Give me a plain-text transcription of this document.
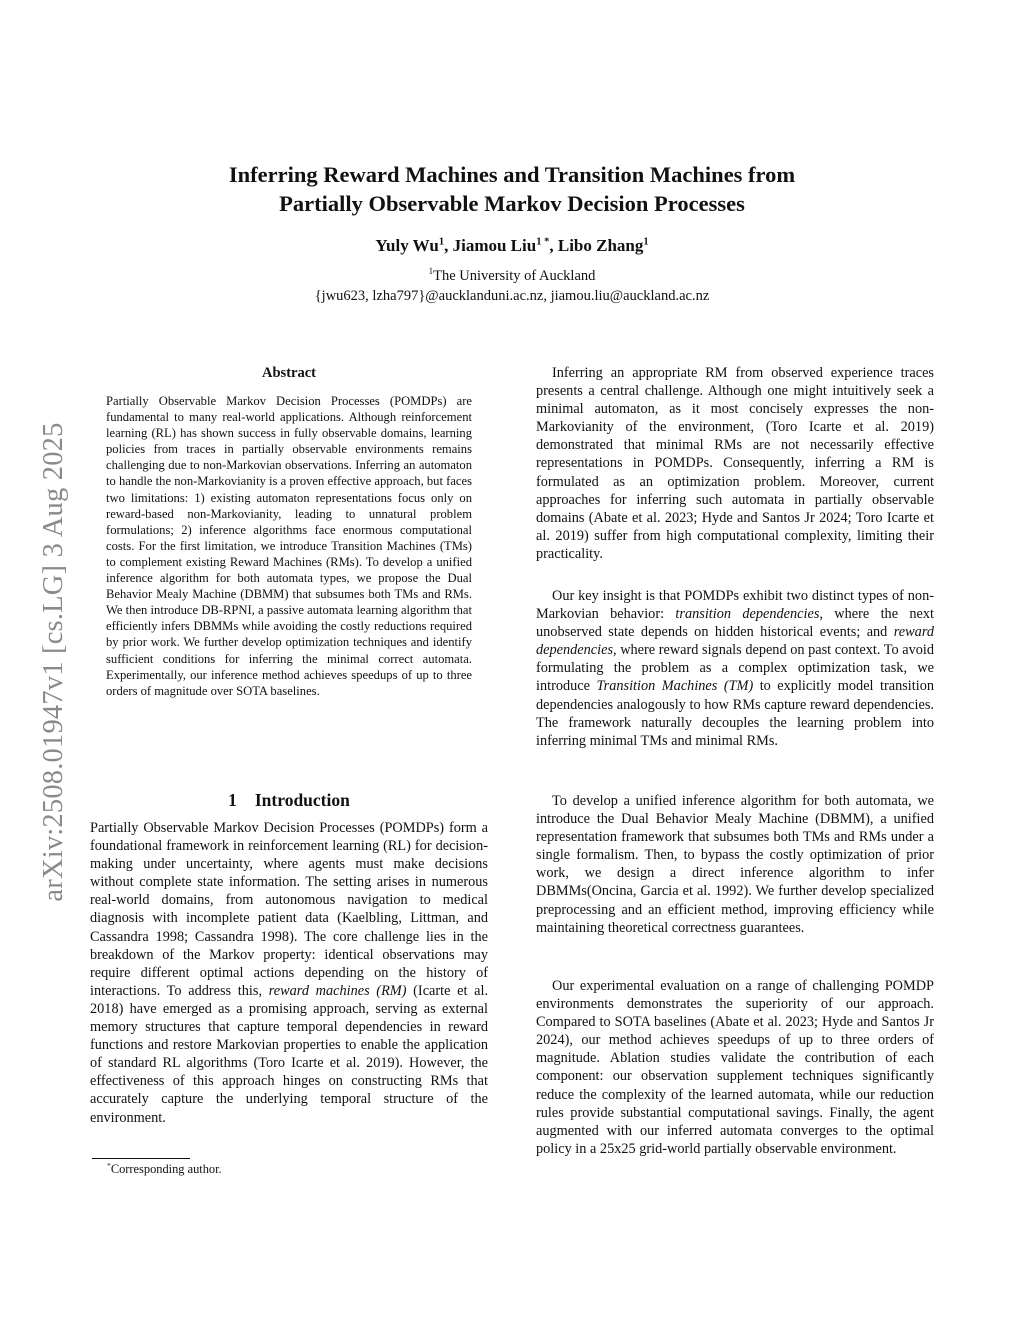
arXiv:2508.01947v1 [cs.LG] 3 Aug 2025
Inferring Reward Machines and Transition Machines from
Partially Observable Markov Decision Processes
Yuly Wu$^1$, Jiamou Liu$^{1 *}$, Libo Zhang$^1$
$^1$The University of Auckland
{jwu623, lzha797}@aucklanduni.ac.nz, jiamou.liu@auckland.ac.nz
Abstract
Partially Observable Markov Decision Processes (POMDPs) are fundamental to many real-world applications. Although reinforcement learning (RL) has shown success in fully observable domains, learning policies from traces in partially observable environments remains challenging due to non-Markovian observations. Inferring an automaton to handle the non-Markovianity is a proven effective approach, but faces two limitations: 1) existing automaton representations focus only on reward-based non-Markovianity, leading to unnatural problem formulations; 2) inference algorithms face enormous computational costs. For the first limitation, we introduce Transition Machines (TMs) to complement existing Reward Machines (RMs). To develop a unified inference algorithm for both automata types, we propose the Dual Behavior Mealy Machine (DBMM) that subsumes both TMs and RMs. We then introduce DB-RPNI, a passive automata learning algorithm that efficiently infers DBMMs while avoiding the costly reductions required by prior work. We further develop optimization techniques and identify sufficient conditions for inferring the minimal correct automata. Experimentally, our inference method achieves speedups of up to three orders of magnitude over SOTA baselines.
1 Introduction

Partially Observable Markov Decision Processes (POMDPs) form a foundational framework in reinforcement learning (RL) for decision-making under uncertainty, where agents must make decisions without complete state information. The setting arises in numerous real-world domains, from autonomous navigation to medical diagnosis with incomplete patient data (Kaelbling, Littman, and Cassandra 1998; Cassandra 1998). The core challenge lies in the breakdown of the Markov property: identical observations may require different optimal actions depending on the history of interactions. To address this, reward machines (RM) (Icarte et al. 2018) have emerged as a promising approach, serving as external memory structures that capture temporal dependencies in reward functions and restore Markovian properties to enable the application of standard RL algorithms (Toro Icarte et al. 2019). However, the effectiveness of this approach hinges on constructing RMs that accurately capture the underlying temporal structure of the environment.

*Corresponding author.

Inferring an appropriate RM from observed experience traces presents a central challenge. Although one might intuitively seek a minimal automaton, as it most concisely expresses the non-Markovianity of the environment, (Toro Icarte et al. 2019) demonstrated that minimal RMs are not necessarily effective representations in POMDPs. Consequently, inferring a RM is formulated as an optimization problem. Moreover, current approaches for inferring such automata in partially observable domains (Abate et al. 2023; Hyde and Santos Jr 2024; Toro Icarte et al. 2019) suffer from high computational complexity, limiting their practicality.

Our key insight is that POMDPs exhibit two distinct types of non-Markovian behavior: transition dependencies, where the next unobserved state depends on hidden historical events; and reward dependencies, where reward signals depend on past context. To avoid formulating the problem as a complex optimization task, we introduce Transition Machines (TM) to explicitly model transition dependencies analogously to how RMs capture reward dependencies. The framework naturally decouples the learning problem into inferring minimal TMs and minimal RMs.

To develop a unified inference algorithm for both automata, we introduce the Dual Behavior Mealy Machine (DBMM), a unified representation framework that subsumes both TMs and RMs under a single formalism. Then, to bypass the costly optimization of prior work, we design a direct inference algorithm to infer DBMMs(Oncina, Garcia et al. 1992). We further develop specialized preprocessing and an efficient method, improving efficiency while maintaining theoretical correctness guarantees.

Our experimental evaluation on a range of challenging POMDP environments demonstrates the superiority of our approach. Compared to SOTA baselines (Abate et al. 2023; Hyde and Santos Jr 2024), our method achieves speedups of up to three orders of magnitude. Ablation studies validate the contribution of each component: our observation supplement techniques significantly reduce the complexity of the learned automata, while our reduction rules provide substantial computational savings. Finally, the agent augmented with our inferred automata converges to the optimal policy in a 25x25 grid-world partially observable environment.
